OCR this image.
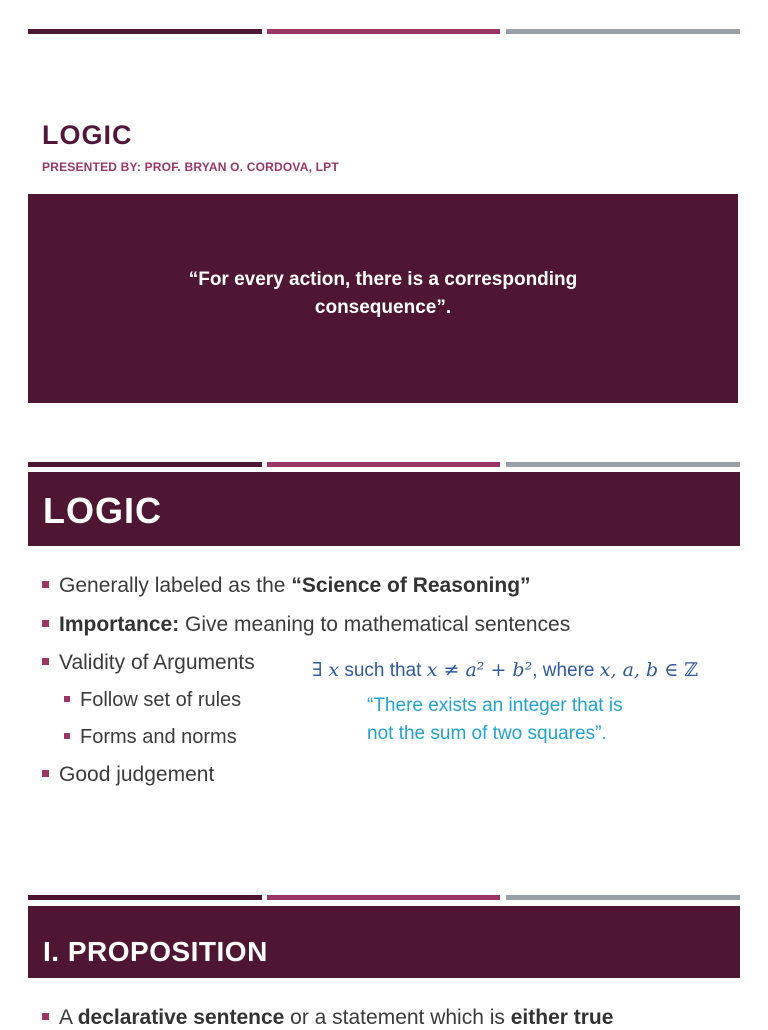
LOGIC

PRESENTED BY: PROF. BRYAN O. CORDOVA, LPT

“For every action, there is a corresponding
consequence”.
LOGIC
Generally labeled as the “Science of Reasoning”
Importance: Give meaning to mathematical sentences
Validity of Arguments
Follow set of rules
Forms and norms
Good judgement
∃ x such that x ≠ a² + b², where x, a, b ∈ ℤ
“There exists an integer that is
not the sum of two squares”.
I. PROPOSITION
A declarative sentence or a statement which is either true
